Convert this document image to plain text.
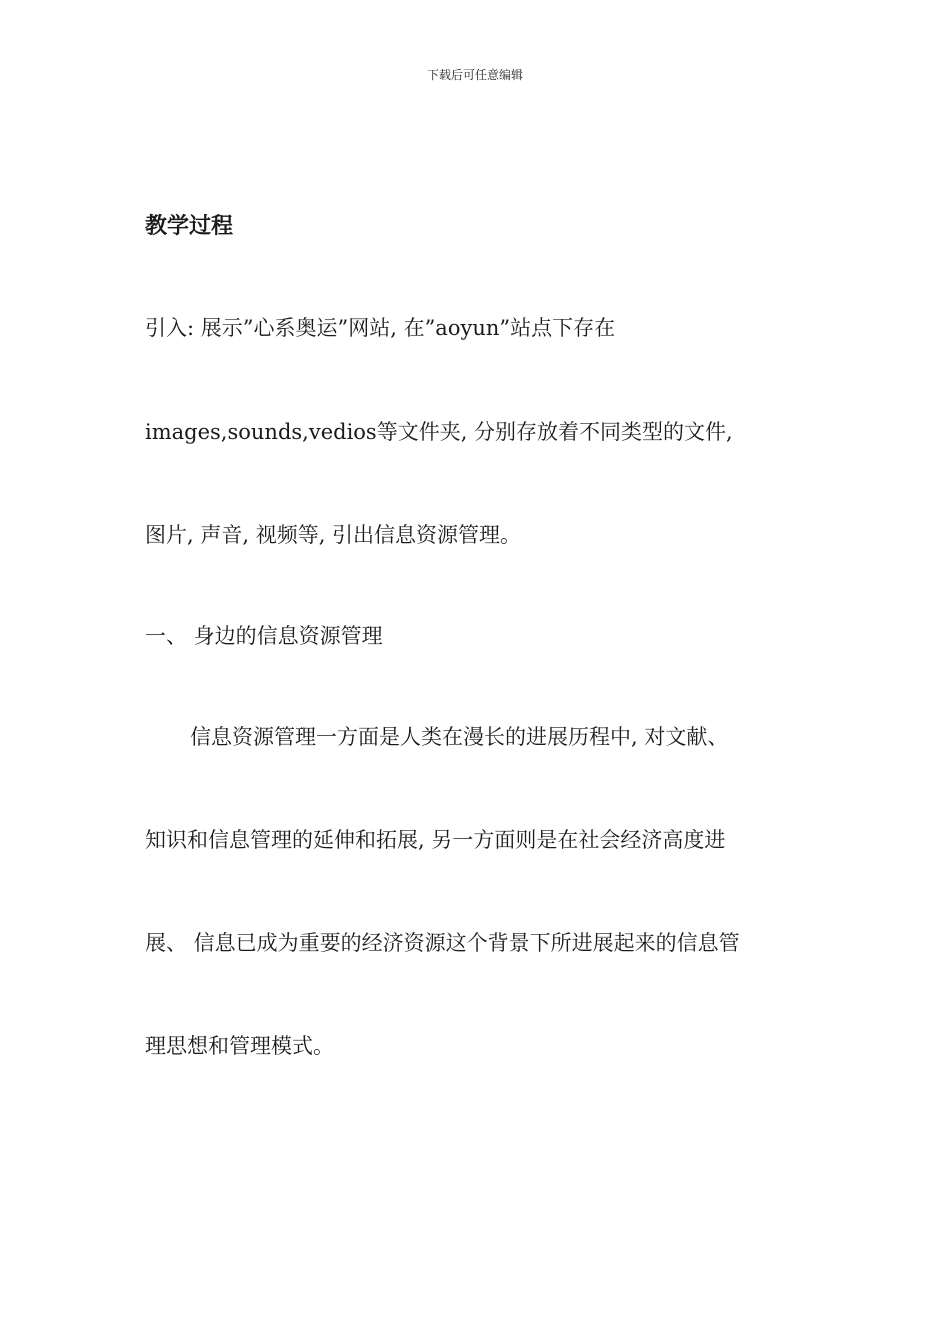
下载后可任意编辑
教学过程
引入: 展示”心系奥运”网站, 在”aoyun”站点下存在
images,sounds,vedios等文件夹, 分别存放着不同类型的文件,
图片, 声音, 视频等, 引出信息资源管理。
一、 身边的信息资源管理
信息资源管理一方面是人类在漫长的进展历程中, 对文献、
知识和信息管理的延伸和拓展, 另一方面则是在社会经济高度进
展、 信息已成为重要的经济资源这个背景下所进展起来的信息管
理思想和管理模式。
